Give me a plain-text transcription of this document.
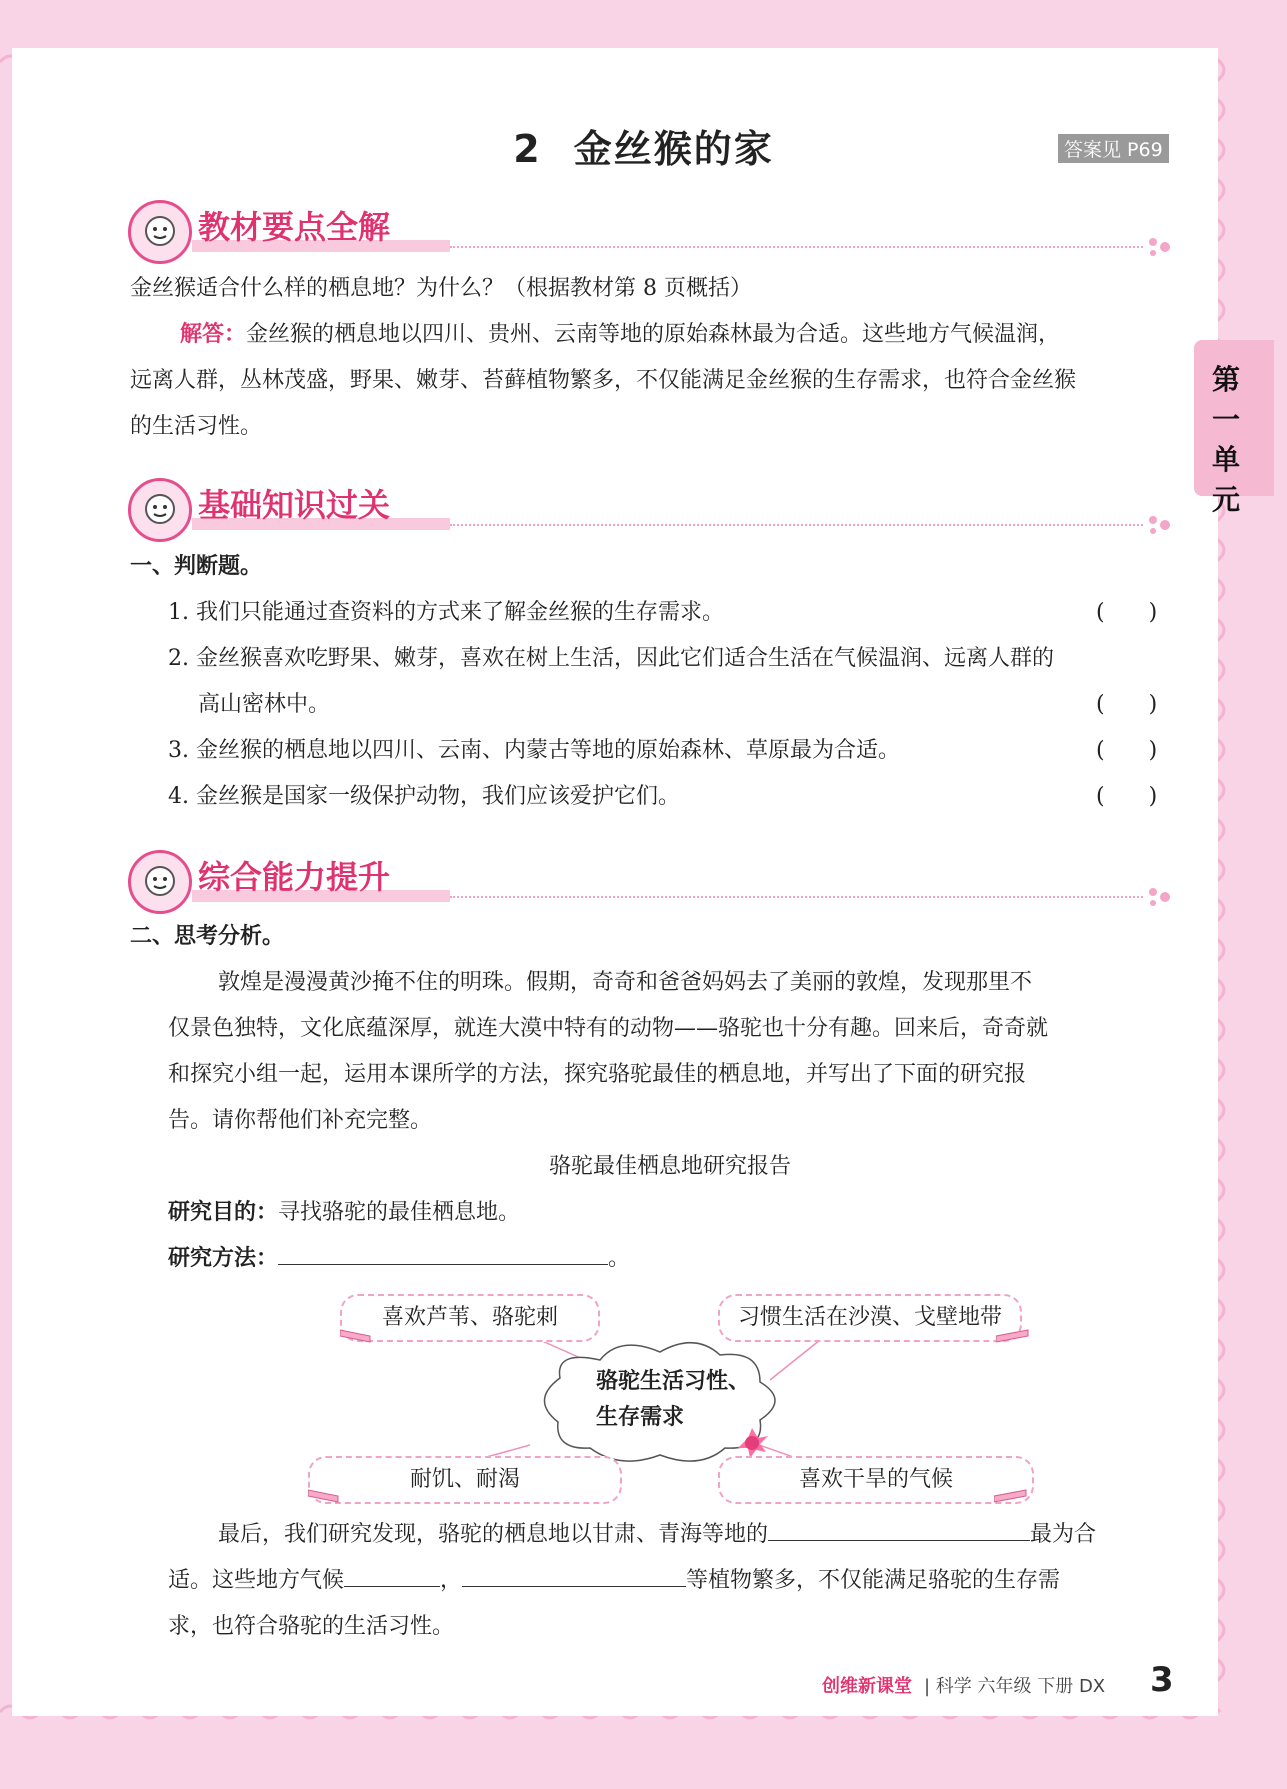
第一单元
2 金丝猴的家	答案见 P69
教材要点全解
金丝猴适合什么样的栖息地？为什么？（根据教材第 8 页概括）
解答：金丝猴的栖息地以四川、贵州、云南等地的原始森林最为合适。这些地方气候温润，
远离人群，丛林茂盛，野果、嫩芽、苔藓植物繁多，不仅能满足金丝猴的生存需求，也符合金丝猴
的生活习性。
基础知识过关
一、判断题。
1. 我们只能通过查资料的方式来了解金丝猴的生存需求。	(　　)
2. 金丝猴喜欢吃野果、嫩芽，喜欢在树上生活，因此它们适合生活在气候温润、远离人群的
高山密林中。	(　　)
3. 金丝猴的栖息地以四川、云南、内蒙古等地的原始森林、草原最为合适。	(　　)
4. 金丝猴是国家一级保护动物，我们应该爱护它们。	(　　)
综合能力提升
二、思考分析。
敦煌是漫漫黄沙掩不住的明珠。假期，奇奇和爸爸妈妈去了美丽的敦煌，发现那里不
仅景色独特，文化底蕴深厚，就连大漠中特有的动物——骆驼也十分有趣。回来后，奇奇就
和探究小组一起，运用本课所学的方法，探究骆驼最佳的栖息地，并写出了下面的研究报
告。请你帮他们补充完整。
骆驼最佳栖息地研究报告
研究目的：寻找骆驼的最佳栖息地。
研究方法：	。
骆驼生活习性、
生存需求
喜欢芦苇、骆驼刺	习惯生活在沙漠、戈壁地带
耐饥、耐渴	喜欢干旱的气候
最后，我们研究发现，骆驼的栖息地以甘肃、青海等地的	最为合
适。这些地方气候	，	等植物繁多，不仅能满足骆驼的生存需
求，也符合骆驼的生活习性。
创维新课堂 | 科学 六年级 下册 DX 3
